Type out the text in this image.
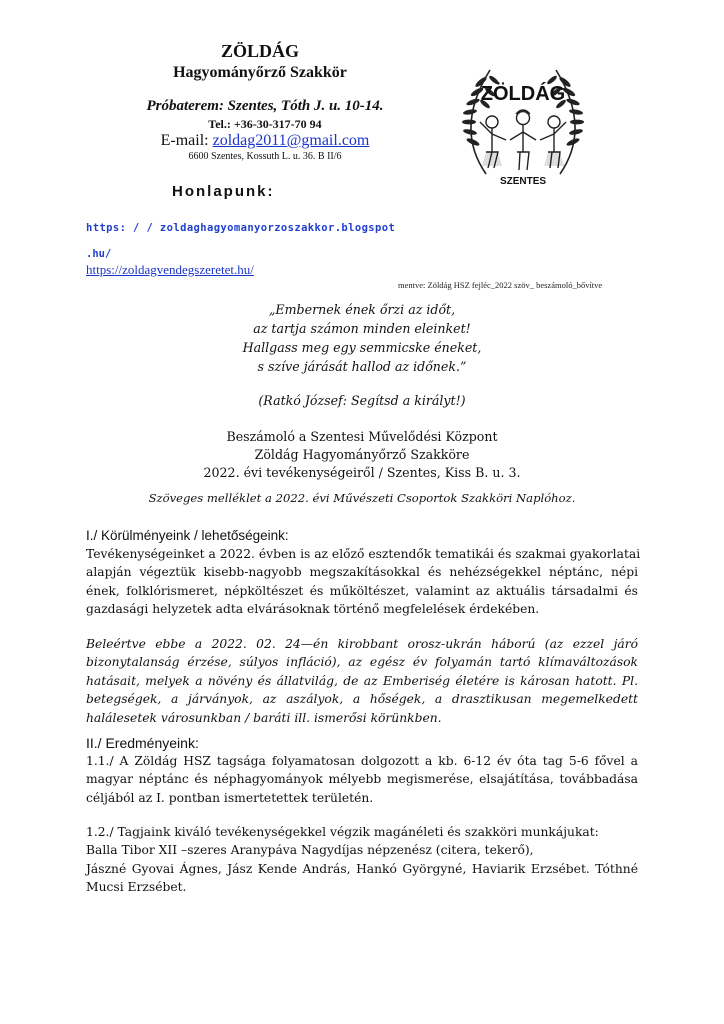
ZÖLDÁG
Hagyományőrző Szakkör
Próbaterem: Szentes, Tóth J. u. 10-14.
Tel.: +36-30-317-70 94
E-mail: zoldag2011@gmail.com
6600 Szentes, Kossuth L. u. 36. B II/6
Honlapunk:
https: / / zoldaghagyomanyorzoszakkor.blogspot
.hu/
https://zoldagvendegszeretet.hu/
mentve: Zöldág HSZ fejléc_2022 szöv_ beszámoló_bővítve
ZÖLDÁG
SZENTES
„Embernek ének őrzi az időt,
az tartja számon minden eleinket!
Hallgass meg egy semmicske éneket,
s szíve járását hallod az időnek.”
(Ratkó József: Segítsd a királyt!)
Beszámoló a Szentesi Művelődési Központ
Zöldág Hagyományőrző Szakköre
2022. évi tevékenységeiről / Szentes, Kiss B. u. 3.
Szöveges melléklet a 2022. évi Művészeti Csoportok Szakköri Naplóhoz.
I./ Körülményeink / lehetőségeink:
Tevékenységeinket a 2022. évben is az előző esztendők tematikái és szakmai gyakorlatai
alapján végeztük kisebb-nagyobb megszakításokkal és nehézségekkel néptánc, népi
ének, folklórismeret, népköltészet és műköltészet, valamint az aktuális társadalmi és
gazdasági helyzetek adta elvárásoknak történő megfelelések érdekében.
Beleértve ebbe a 2022. 02. 24—én kirobbant orosz-ukrán háború (az ezzel járó
bizonytalanság érzése, súlyos infláció), az egész év folyamán tartó klímaváltozások
hatásait, melyek a növény és állatvilág, de az Emberiség életére is károsan hatott. Pl.
betegségek, a járványok, az aszályok, a hőségek, a drasztikusan megemelkedett
halálesetek városunkban / baráti ill. ismerősi körünkben.
II./ Eredményeink:
1.1./ A Zöldág HSZ tagsága folyamatosan dolgozott a kb. 6-12 év óta tag 5-6 fővel a
magyar néptánc és néphagyományok mélyebb megismerése, elsajátítása, továbbadása
céljából az I. pontban ismertetettek területén.
1.2./ Tagjaink kiváló tevékenységekkel végzik magánéleti és szakköri munkájukat:
Balla Tibor XII –szeres Aranypáva Nagydíjas népzenész (citera, tekerő),
Jászné Gyovai Ágnes, Jász Kende András, Hankó Györgyné, Haviarik Erzsébet. Tóthné
Mucsi Erzsébet.
